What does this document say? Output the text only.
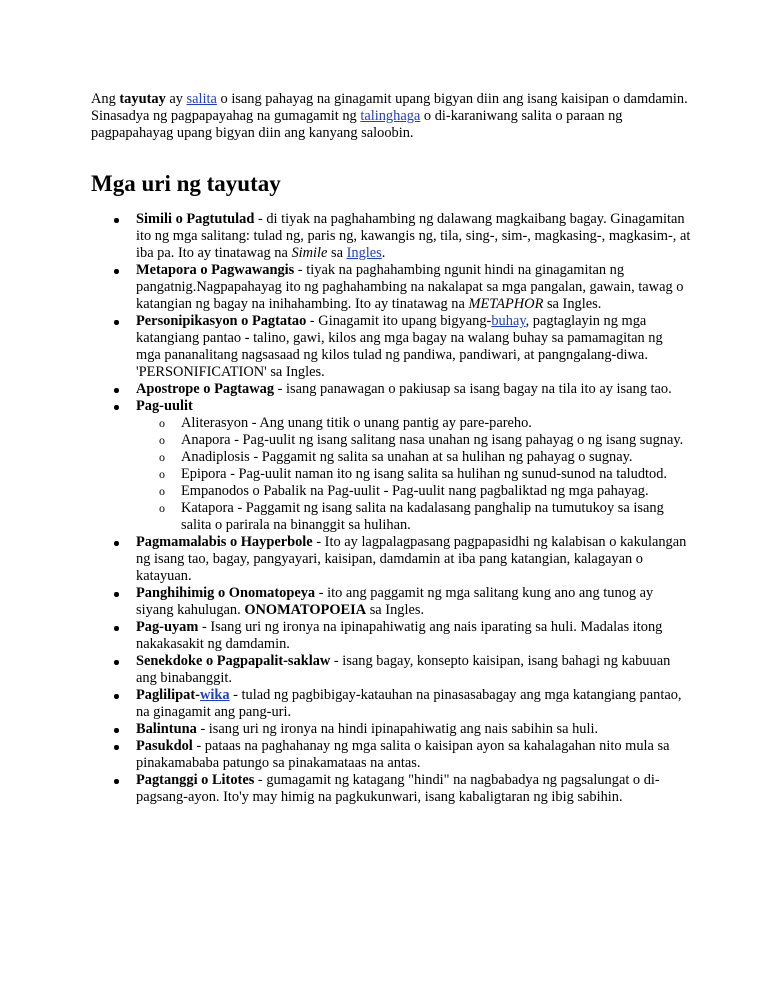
Ang tayutay ay salita o isang pahayag na ginagamit upang bigyan diin ang isang kaisipan o damdamin. Sinasadya ng pagpapayahag na gumagamit ng talinghaga o di-karaniwang salita o paraan ng pagpapahayag upang bigyan diin ang kanyang saloobin.

Mga uri ng tayutay
Simili o Pagtutulad - di tiyak na paghahambing ng dalawang magkaibang bagay. Ginagamitan ito ng mga salitang: tulad ng, paris ng, kawangis ng, tila, sing-, sim-, magkasing-, magkasim-, at iba pa. Ito ay tinatawag na Simile sa Ingles.
Metapora o Pagwawangis - tiyak na paghahambing ngunit hindi na ginagamitan ng pangatnig.Nagpapahayag ito ng paghahambing na nakalapat sa mga pangalan, gawain, tawag o katangian ng bagay na inihahambing. Ito ay tinatawag na METAPHOR sa Ingles.
Personipikasyon o Pagtatao - Ginagamit ito upang bigyang-buhay, pagtaglayin ng mga katangiang pantao - talino, gawi, kilos ang mga bagay na walang buhay sa pamamagitan ng mga pananalitang nagsasaad ng kilos tulad ng pandiwa, pandiwari, at pangngalang-diwa. 'PERSONIFICATION' sa Ingles.
Apostrope o Pagtawag - isang panawagan o pakiusap sa isang bagay na tila ito ay isang tao.
Pag-uulit
o Aliterasyon - Ang unang titik o unang pantig ay pare-pareho.
o Anapora - Pag-uulit ng isang salitang nasa unahan ng isang pahayag o ng isang sugnay.
o Anadiplosis - Paggamit ng salita sa unahan at sa hulihan ng pahayag o sugnay.
o Epipora - Pag-uulit naman ito ng isang salita sa hulihan ng sunud-sunod na taludtod.
o Empanodos o Pabalik na Pag-uulit - Pag-uulit nang pagbaliktad ng mga pahayag.
o Katapora - Paggamit ng isang salita na kadalasang panghalip na tumutukoy sa isang salita o parirala na binanggit sa hulihan.
Pagmamalabis o Hayperbole - Ito ay lagpalagpasang pagpapasidhi ng kalabisan o kakulangan ng isang tao, bagay, pangyayari, kaisipan, damdamin at iba pang katangian, kalagayan o katayuan.
Panghihimig o Onomatopeya - ito ang paggamit ng mga salitang kung ano ang tunog ay siyang kahulugan. ONOMATOPOEIA sa Ingles.
Pag-uyam - Isang uri ng ironya na ipinapahiwatig ang nais iparating sa huli. Madalas itong nakakasakit ng damdamin.
Senekdoke o Pagpapalit-saklaw - isang bagay, konsepto kaisipan, isang bahagi ng kabuuan ang binabanggit.
Paglilipat-wika - tulad ng pagbibigay-katauhan na pinasasabagay ang mga katangiang pantao, na ginagamit ang pang-uri.
Balintuna - isang uri ng ironya na hindi ipinapahiwatig ang nais sabihin sa huli.
Pasukdol - pataas na paghahanay ng mga salita o kaisipan ayon sa kahalagahan nito mula sa pinakamababa patungo sa pinakamataas na antas.
Pagtanggi o Litotes - gumagamit ng katagang "hindi" na nagbabadya ng pagsalungat o di-pagsang-ayon. Ito'y may himig na pagkukunwari, isang kabaligtaran ng ibig sabihin.
